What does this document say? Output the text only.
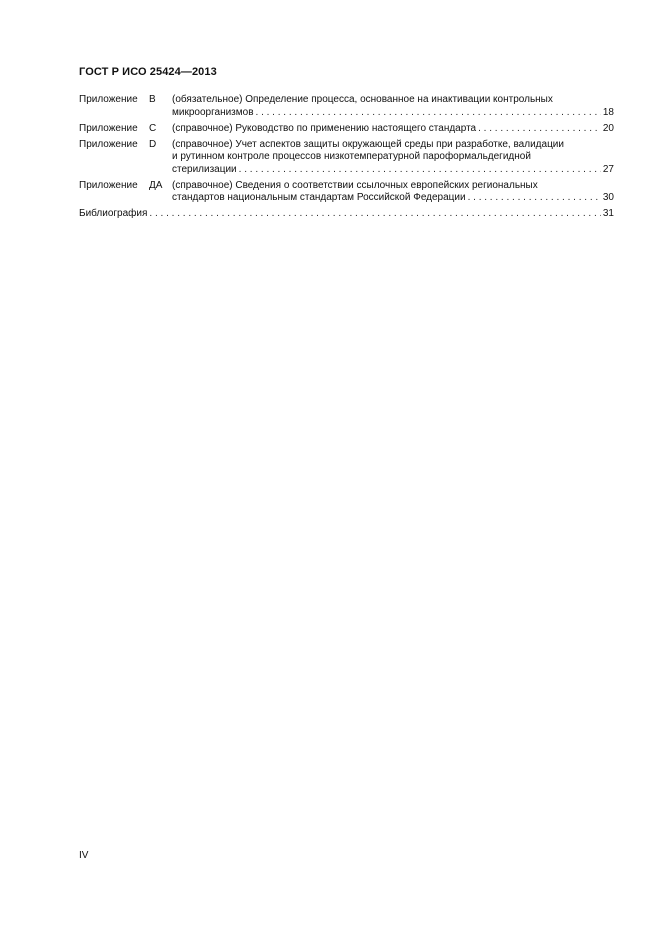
ГОСТ Р ИСО 25424—2013
Приложение	В	(обязательное) Определение процесса, основанное на инактивации контрольных
микроорганизмов . . .	18
Приложение	С	(справочное) Руководство по применению настоящего стандарта . . .	20
Приложение	D	(справочное) Учет аспектов защиты окружающей среды при разработке, валидации
и рутинном контроле процессов низкотемпературной пароформальдегидной
стерилизации . . .	27
Приложение	ДА (справочное) Сведения о соответствии ссылочных европейских региональных
стандартов национальным стандартам Российской Федерации . . .	30
Библиография . . .	31
IV
